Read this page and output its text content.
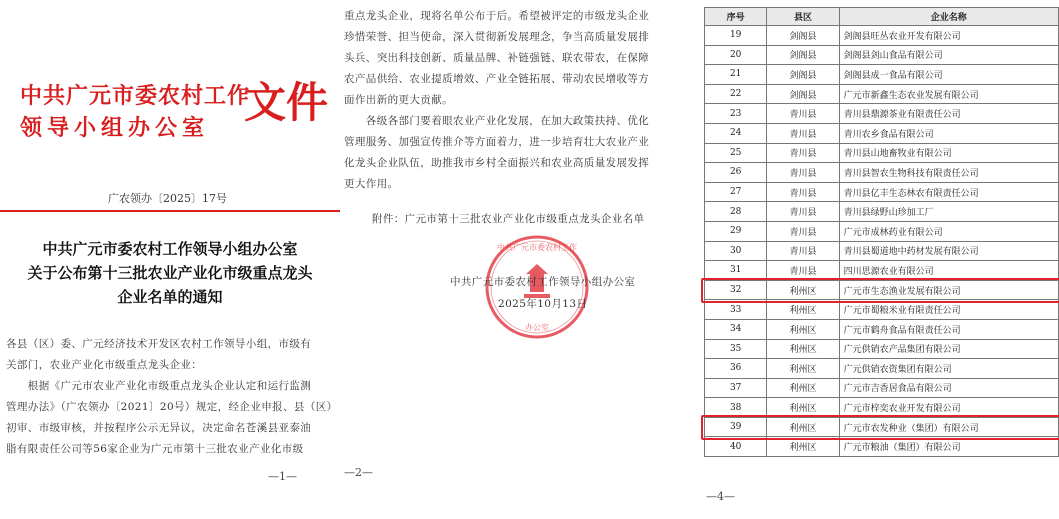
中共广元市委农村工作
领导小组办公室
文件
广农领办〔2025〕17号
中共广元市委农村工作领导小组办公室
关于公布第十三批农业产业化市级重点龙头
企业名单的通知
各县（区）委、广元经济技术开发区农村工作领导小组，市级有
关部门，农业产业化市级重点龙头企业：
　　根据《广元市农业产业化市级重点龙头企业认定和运行监测
管理办法》（广农领办〔2021〕20号）规定，经企业申报、县（区）
初审、市级审核，并按程序公示无异议，决定命名苍溪县亚泰油
脂有限责任公司等56家企业为广元市第十三批农业产业化市级
—1—
重点龙头企业，现将名单公布于后。希望被评定的市级龙头企业
珍惜荣誉、担当使命，深入贯彻新发展理念，争当高质量发展排
头兵、突出科技创新、质量品牌、补链强链、联农带农，在保障
农产品供给、农业提质增效、产业全链拓展、带动农民增收等方
面作出新的更大贡献。
　　各级各部门要着眼农业产业化发展，在加大政策扶持、优化
管理服务、加强宣传推介等方面着力，进一步培育壮大农业产业
化龙头企业队伍，助推我市乡村全面振兴和农业高质量发展发挥
更大作用。
附件：广元市第十三批农业产业化市级重点龙头企业名单
中共广元市委农村工作
办公室
中共广元市委农村工作领导小组办公室
2025年10月13日
—2—
序号	县区	企业名称
19	剑阁县	剑阁县旺丛农业开发有限公司
20	剑阁县	剑阁县剑山食品有限公司
21	剑阁县	剑阁县成一食品有限公司
22	剑阁县	广元市新鑫生态农业发展有限公司
23	青川县	青川县鼎源茶业有限责任公司
24	青川县	青川农乡食品有限公司
25	青川县	青川县山地畜牧业有限公司
26	青川县	青川县智农生物科技有限责任公司
27	青川县	青川县亿丰生态林农有限责任公司
28	青川县	青川县绿野山珍加工厂
29	青川县	广元市成林药业有限公司
30	青川县	青川县蜀道地中药材发展有限公司
31	青川县	四川思源农业有限公司
32	利州区	广元市生态渔业发展有限公司
33	利州区	广元市蜀粮米业有限责任公司
34	利州区	广元市鹤舟食品有限责任公司
35	利州区	广元供销农产品集团有限公司
36	利州区	广元供销农资集团有限公司
37	利州区	广元市吉香居食品有限公司
38	利州区	广元市梓奕农业开发有限公司
39	利州区	广元市农发种业（集团）有限公司
40	利州区	广元市粮油（集团）有限公司
—4—
